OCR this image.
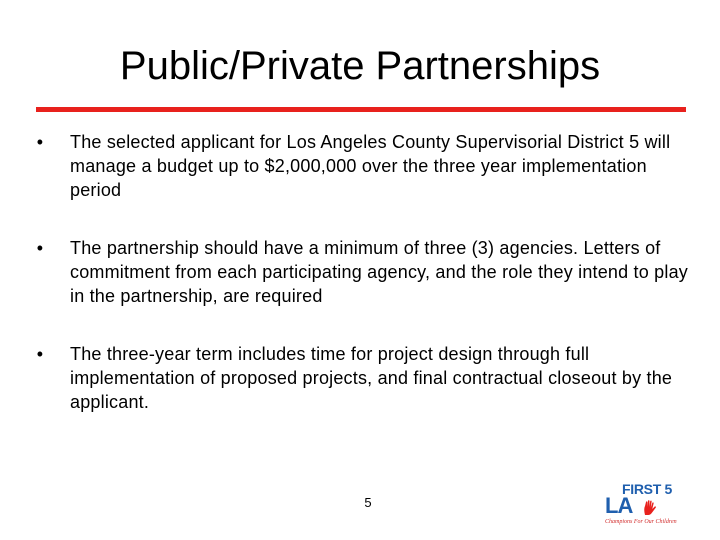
Public/Private Partnerships
•	The selected applicant for Los Angeles County Supervisorial District 5 will manage a budget up to $2,000,000 over the three year implementation period
•	The partnership should have a minimum of three (3) agencies. Letters of commitment from each participating agency, and the role they intend to play in the partnership, are required
•	The three-year term includes time for project design through full implementation of proposed projects, and final contractual closeout by the applicant.
5
FIRST 5
LA
Champions For Our Children
